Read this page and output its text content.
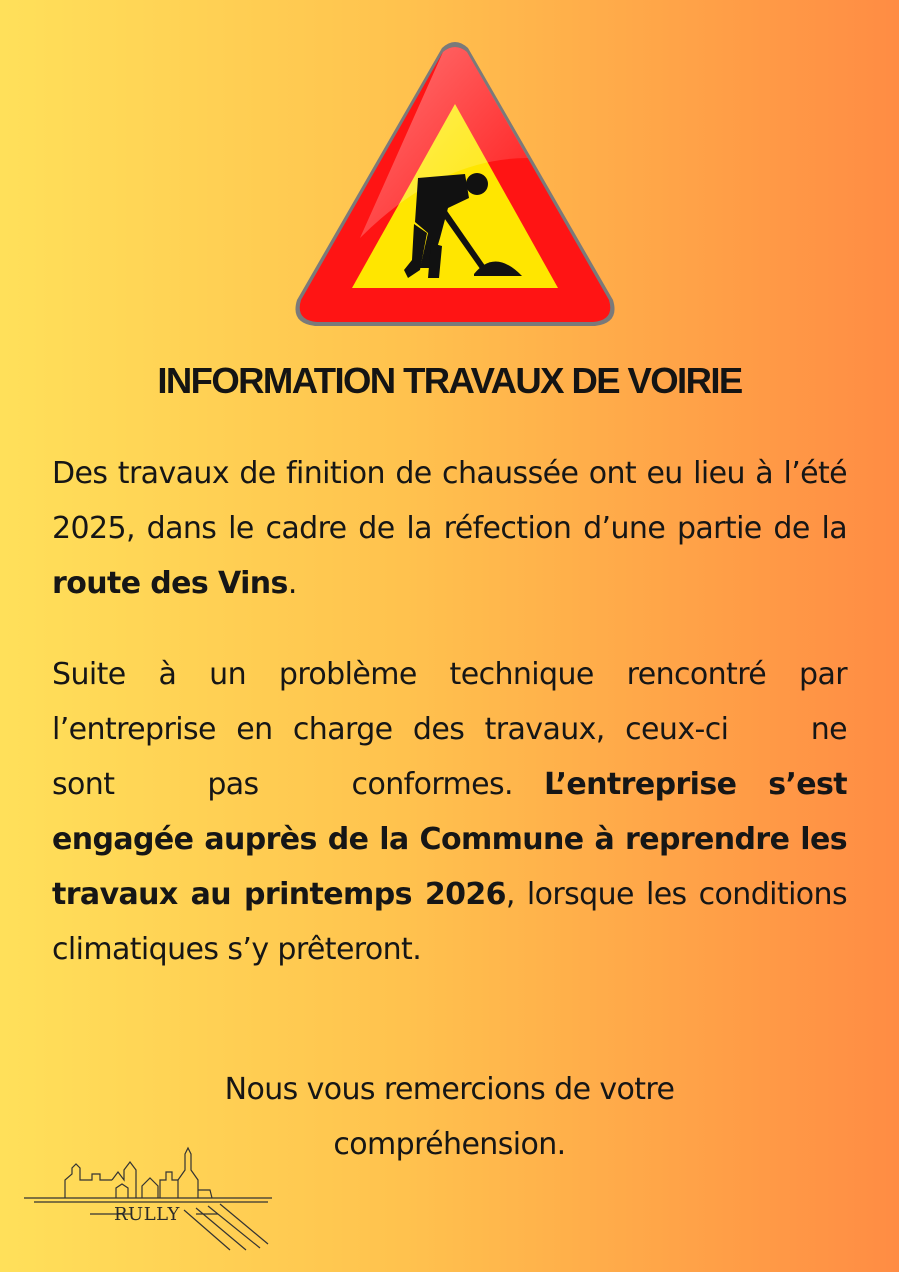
INFORMATION TRAVAUX DE VOIRIE

Des travaux de finition de chaussée ont eu lieu à l’été 2025, dans le cadre de la réfection d’une partie de la route des Vins.

Suite à un problème technique rencontré par l’entreprise en charge des travaux, ceux-ci ne sont pas conformes. L’entreprise s’est engagée auprès de la Commune à reprendre les travaux au printemps 2026, lorsque les conditions climatiques s’y prêteront.

Nous vous remercions de votre
compréhension.

RULLY
